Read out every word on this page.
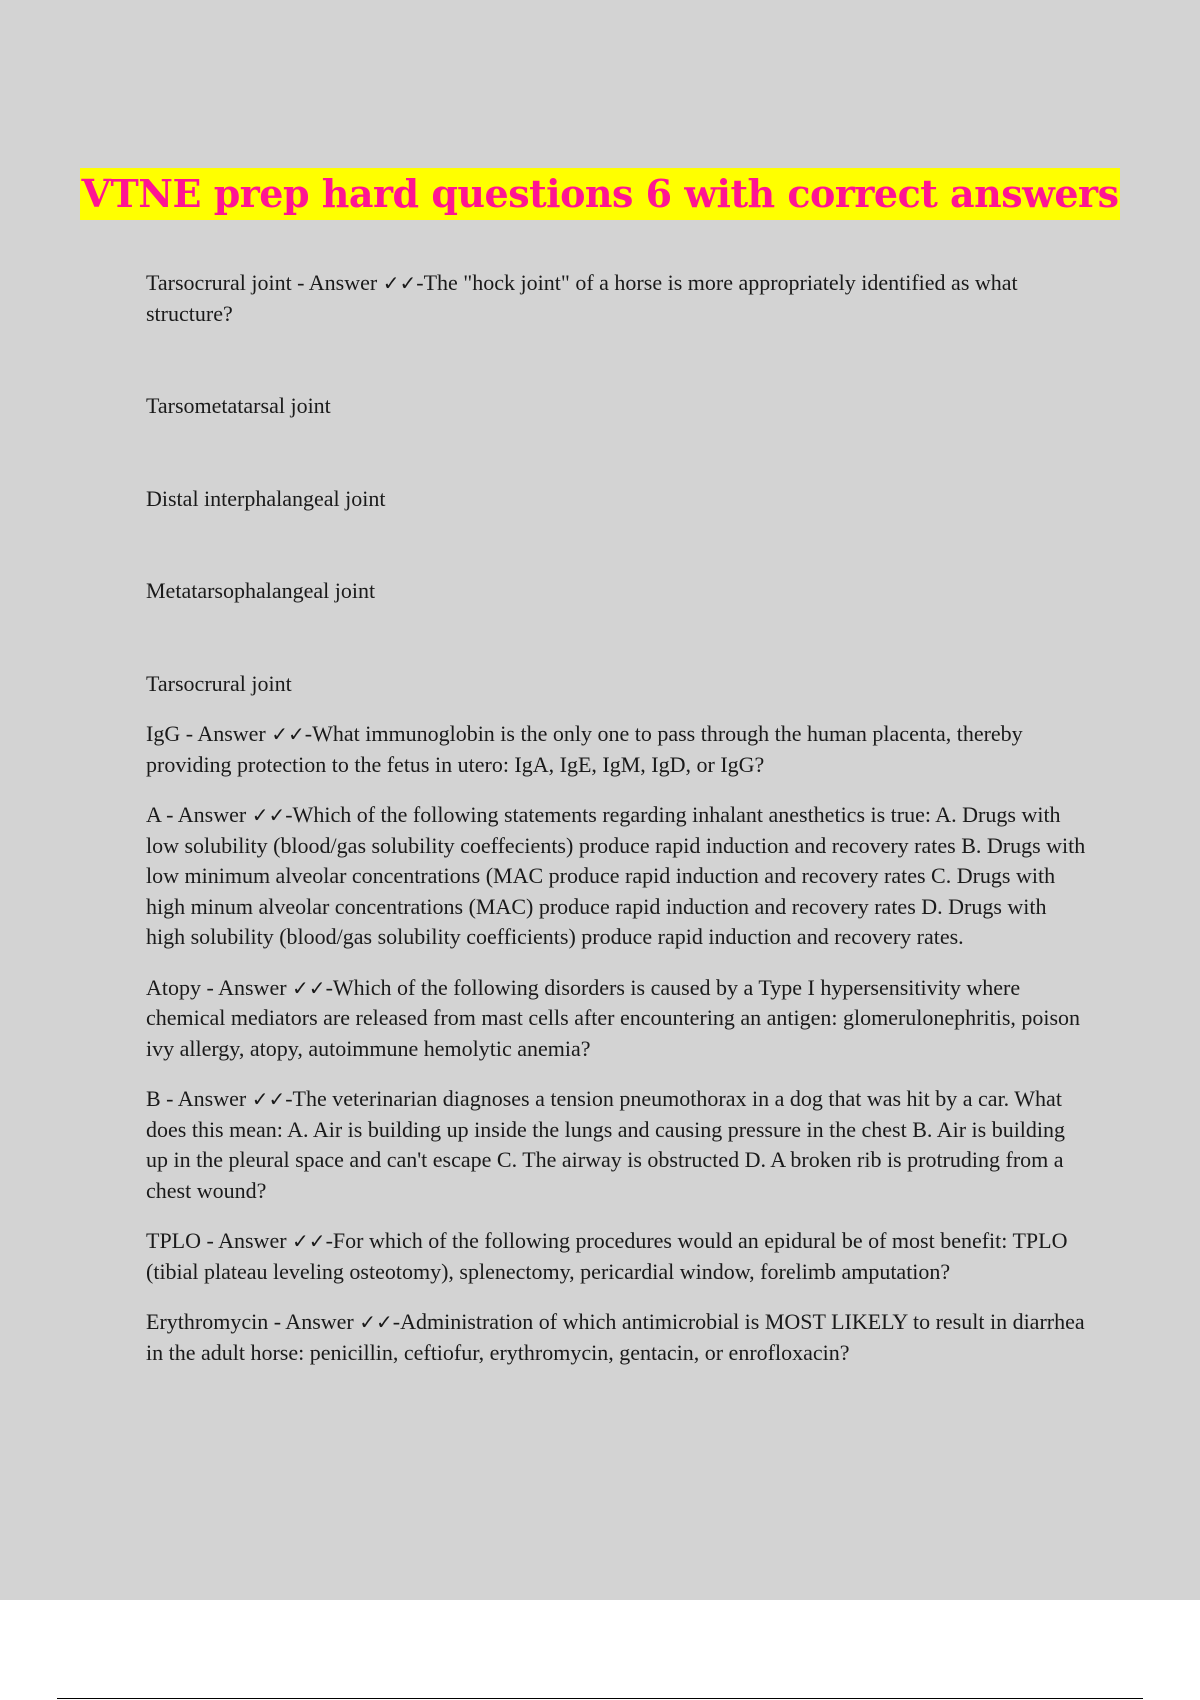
VTNE prep hard questions 6 with correct answers

Tarsocrural joint - Answer ✓✓-The "hock joint" of a horse is more appropriately identified as what structure?

Tarsometatarsal joint

Distal interphalangeal joint

Metatarsophalangeal joint

Tarsocrural joint

IgG - Answer ✓✓-What immunoglobin is the only one to pass through the human placenta, thereby providing protection to the fetus in utero: IgA, IgE, IgM, IgD, or IgG?

A - Answer ✓✓-Which of the following statements regarding inhalant anesthetics is true: A. Drugs with low solubility (blood/gas solubility coeffecients) produce rapid induction and recovery rates B. Drugs with low minimum alveolar concentrations (MAC produce rapid induction and recovery rates C. Drugs with high minum alveolar concentrations (MAC) produce rapid induction and recovery rates D. Drugs with high solubility (blood/gas solubility coefficients) produce rapid induction and recovery rates.

Atopy - Answer ✓✓-Which of the following disorders is caused by a Type I hypersensitivity where chemical mediators are released from mast cells after encountering an antigen: glomerulonephritis, poison ivy allergy, atopy, autoimmune hemolytic anemia?

B - Answer ✓✓-The veterinarian diagnoses a tension pneumothorax in a dog that was hit by a car. What does this mean: A. Air is building up inside the lungs and causing pressure in the chest B. Air is building up in the pleural space and can't escape C. The airway is obstructed D. A broken rib is protruding from a chest wound?

TPLO - Answer ✓✓-For which of the following procedures would an epidural be of most benefit: TPLO (tibial plateau leveling osteotomy), splenectomy, pericardial window, forelimb amputation?

Erythromycin - Answer ✓✓-Administration of which antimicrobial is MOST LIKELY to result in diarrhea in the adult horse: penicillin, ceftiofur, erythromycin, gentacin, or enrofloxacin?
